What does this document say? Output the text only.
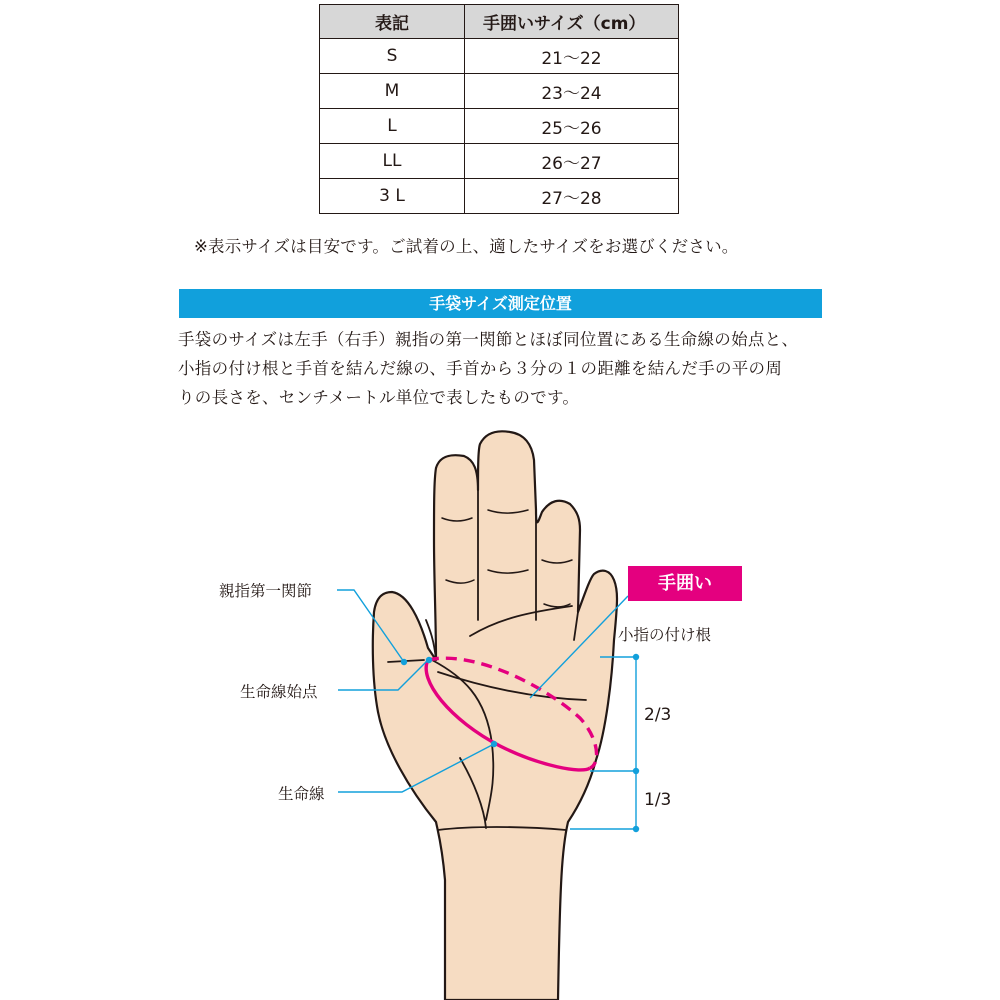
表記	手囲いサイズ（cm）
S	21〜22
M	23〜24
L	25〜26
LL	26〜27
3 L	27〜28
※表示サイズは目安です。ご試着の上、適したサイズをお選びください。
手袋サイズ測定位置
手袋のサイズは左手（右手）親指の第一関節とほぼ同位置にある生命線の始点と、
小指の付け根と手首を結んだ線の、手首から３分の１の距離を結んだ手の平の周
りの長さを、センチメートル単位で表したものです。
親指第一関節
生命線始点
生命線
手囲い
小指の付け根
2/3
1/3
